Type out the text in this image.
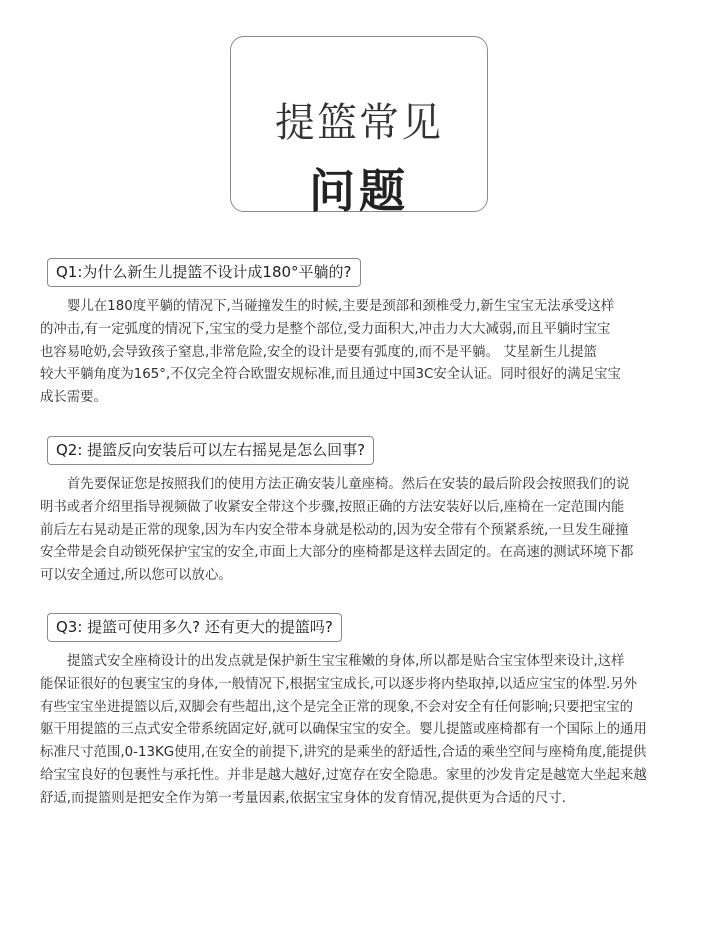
提篮常见
问题
Q1:为什么新生儿提篮不设计成180°平躺的?
婴儿在180度平躺的情况下,当碰撞发生的时候,主要是颈部和颈椎受力,新生宝宝无法承受这样
的冲击,有一定弧度的情况下,宝宝的受力是整个部位,受力面积大,冲击力大大减弱,而且平躺时宝宝
也容易呛奶,会导致孩子窒息,非常危险,安全的设计是要有弧度的,而不是平躺。 艾星新生儿提篮
较大平躺角度为165°,不仅完全符合欧盟安规标准,而且通过中国3C安全认证。同时很好的满足宝宝
成长需要。
Q2: 提篮反向安装后可以左右摇晃是怎么回事?
首先要保证您是按照我们的使用方法正确安装儿童座椅。然后在安装的最后阶段会按照我们的说
明书或者介绍里指导视频做了收紧安全带这个步骤,按照正确的方法安装好以后,座椅在一定范围内能
前后左右晃动是正常的现象,因为车内安全带本身就是松动的,因为安全带有个预紧系统,一旦发生碰撞
安全带是会自动锁死保护宝宝的安全,市面上大部分的座椅都是这样去固定的。在高速的测试环境下都
可以安全通过,所以您可以放心。
Q3: 提篮可使用多久? 还有更大的提篮吗?
提篮式安全座椅设计的出发点就是保护新生宝宝稚嫩的身体,所以都是贴合宝宝体型来设计,这样
能保证很好的包裹宝宝的身体,一般情况下,根据宝宝成长,可以逐步将内垫取掉,以适应宝宝的体型.另外
有些宝宝坐进提篮以后,双脚会有些超出,这个是完全正常的现象,不会对安全有任何影响;只要把宝宝的
躯干用提篮的三点式安全带系统固定好,就可以确保宝宝的安全。婴儿提篮或座椅都有一个国际上的通用
标准尺寸范围,0-13KG使用,在安全的前提下,讲究的是乘坐的舒适性,合适的乘坐空间与座椅角度,能提供
给宝宝良好的包裹性与承托性。并非是越大越好,过宽存在安全隐患。家里的沙发肯定是越宽大坐起来越
舒适,而提篮则是把安全作为第一考量因素,依据宝宝身体的发育情况,提供更为合适的尺寸.
